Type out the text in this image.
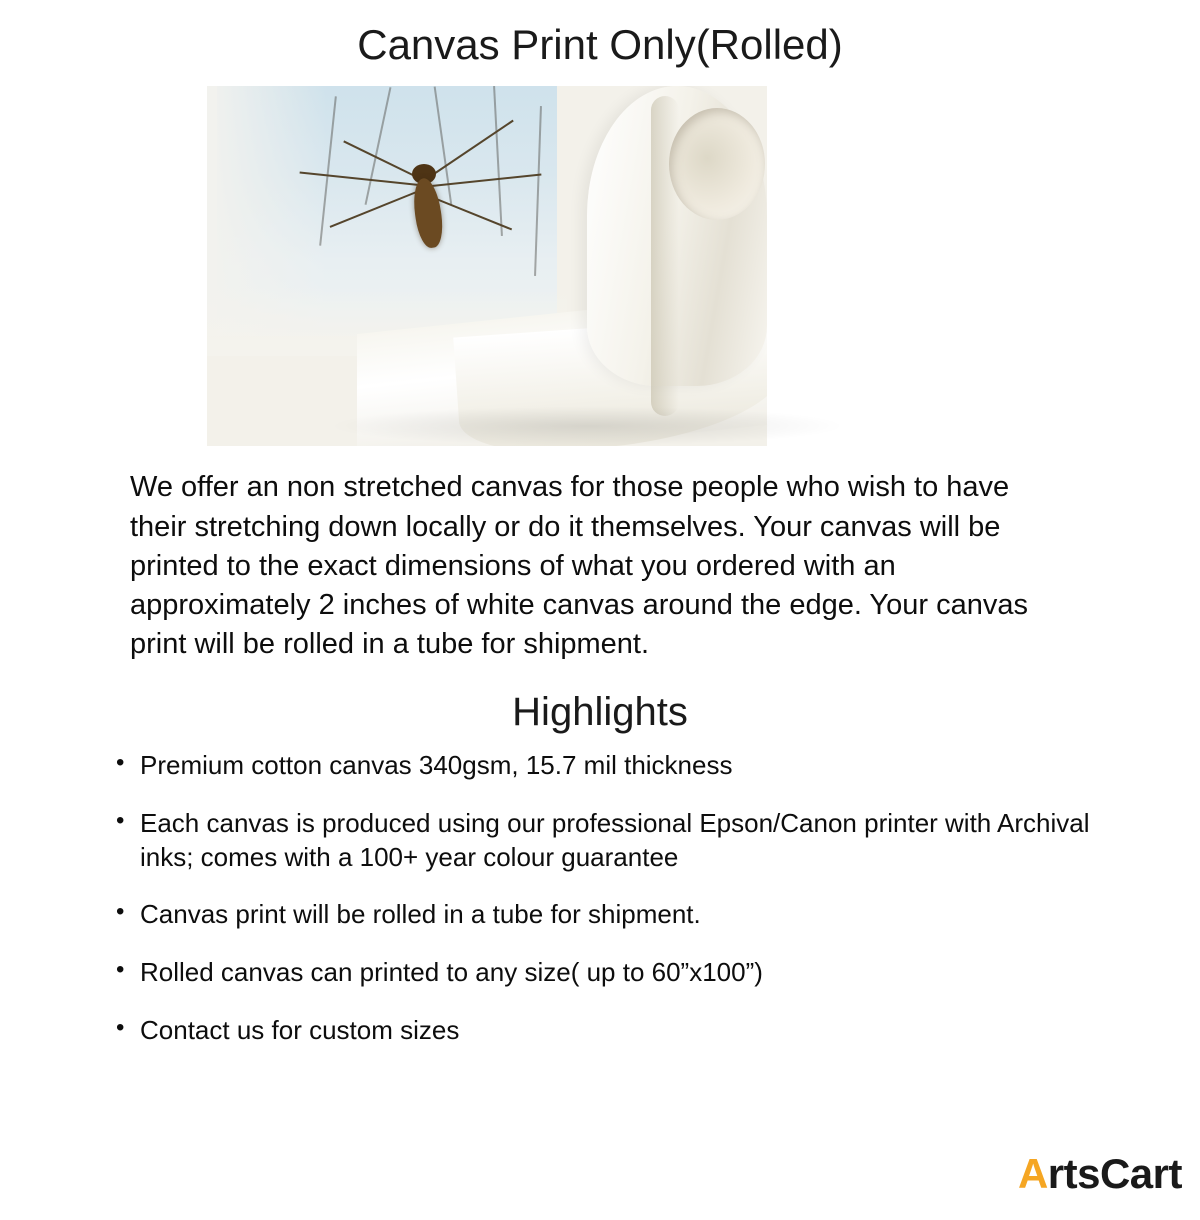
Canvas Print Only(Rolled)

We offer an non stretched canvas for those people who wish to have their stretching down locally or do it themselves. Your canvas will be printed to the exact dimensions of what you ordered with an approximately 2 inches of white canvas around the edge. Your canvas print will be rolled in a tube for shipment.

Highlights
• Premium cotton canvas 340gsm, 15.7 mil thickness
• Each canvas is produced using our professional Epson/Canon printer with Archival inks; comes with a 100+ year colour guarantee
• Canvas print will be rolled in a tube for shipment.
• Rolled canvas can printed to any size( up to 60”x100”)
• Contact us for custom sizes
A rtsCart
